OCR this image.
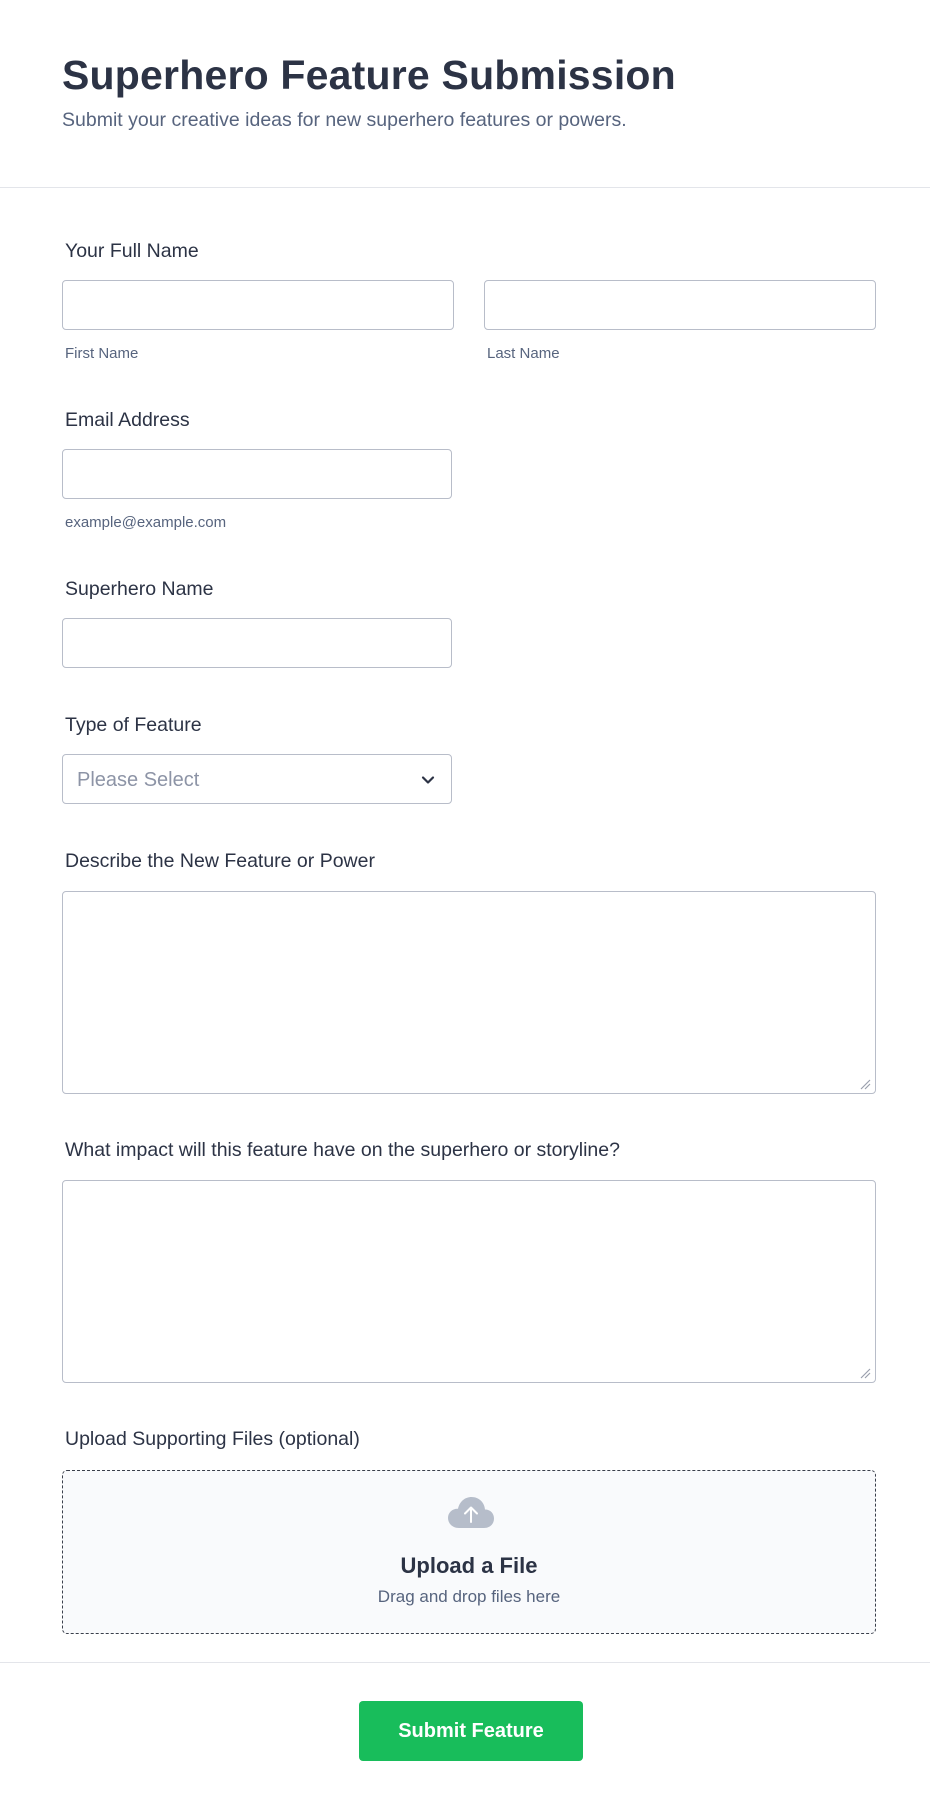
Superhero Feature Submission

Submit your creative ideas for new superhero features or powers.

Your Full Name
First Name	Last Name
Email Address
example@example.com
Superhero Name
Type of Feature
Please Select
Describe the New Feature or Power
What impact will this feature have on the superhero or storyline?
Upload Supporting Files (optional)
Upload a File
Drag and drop files here
Submit Feature
